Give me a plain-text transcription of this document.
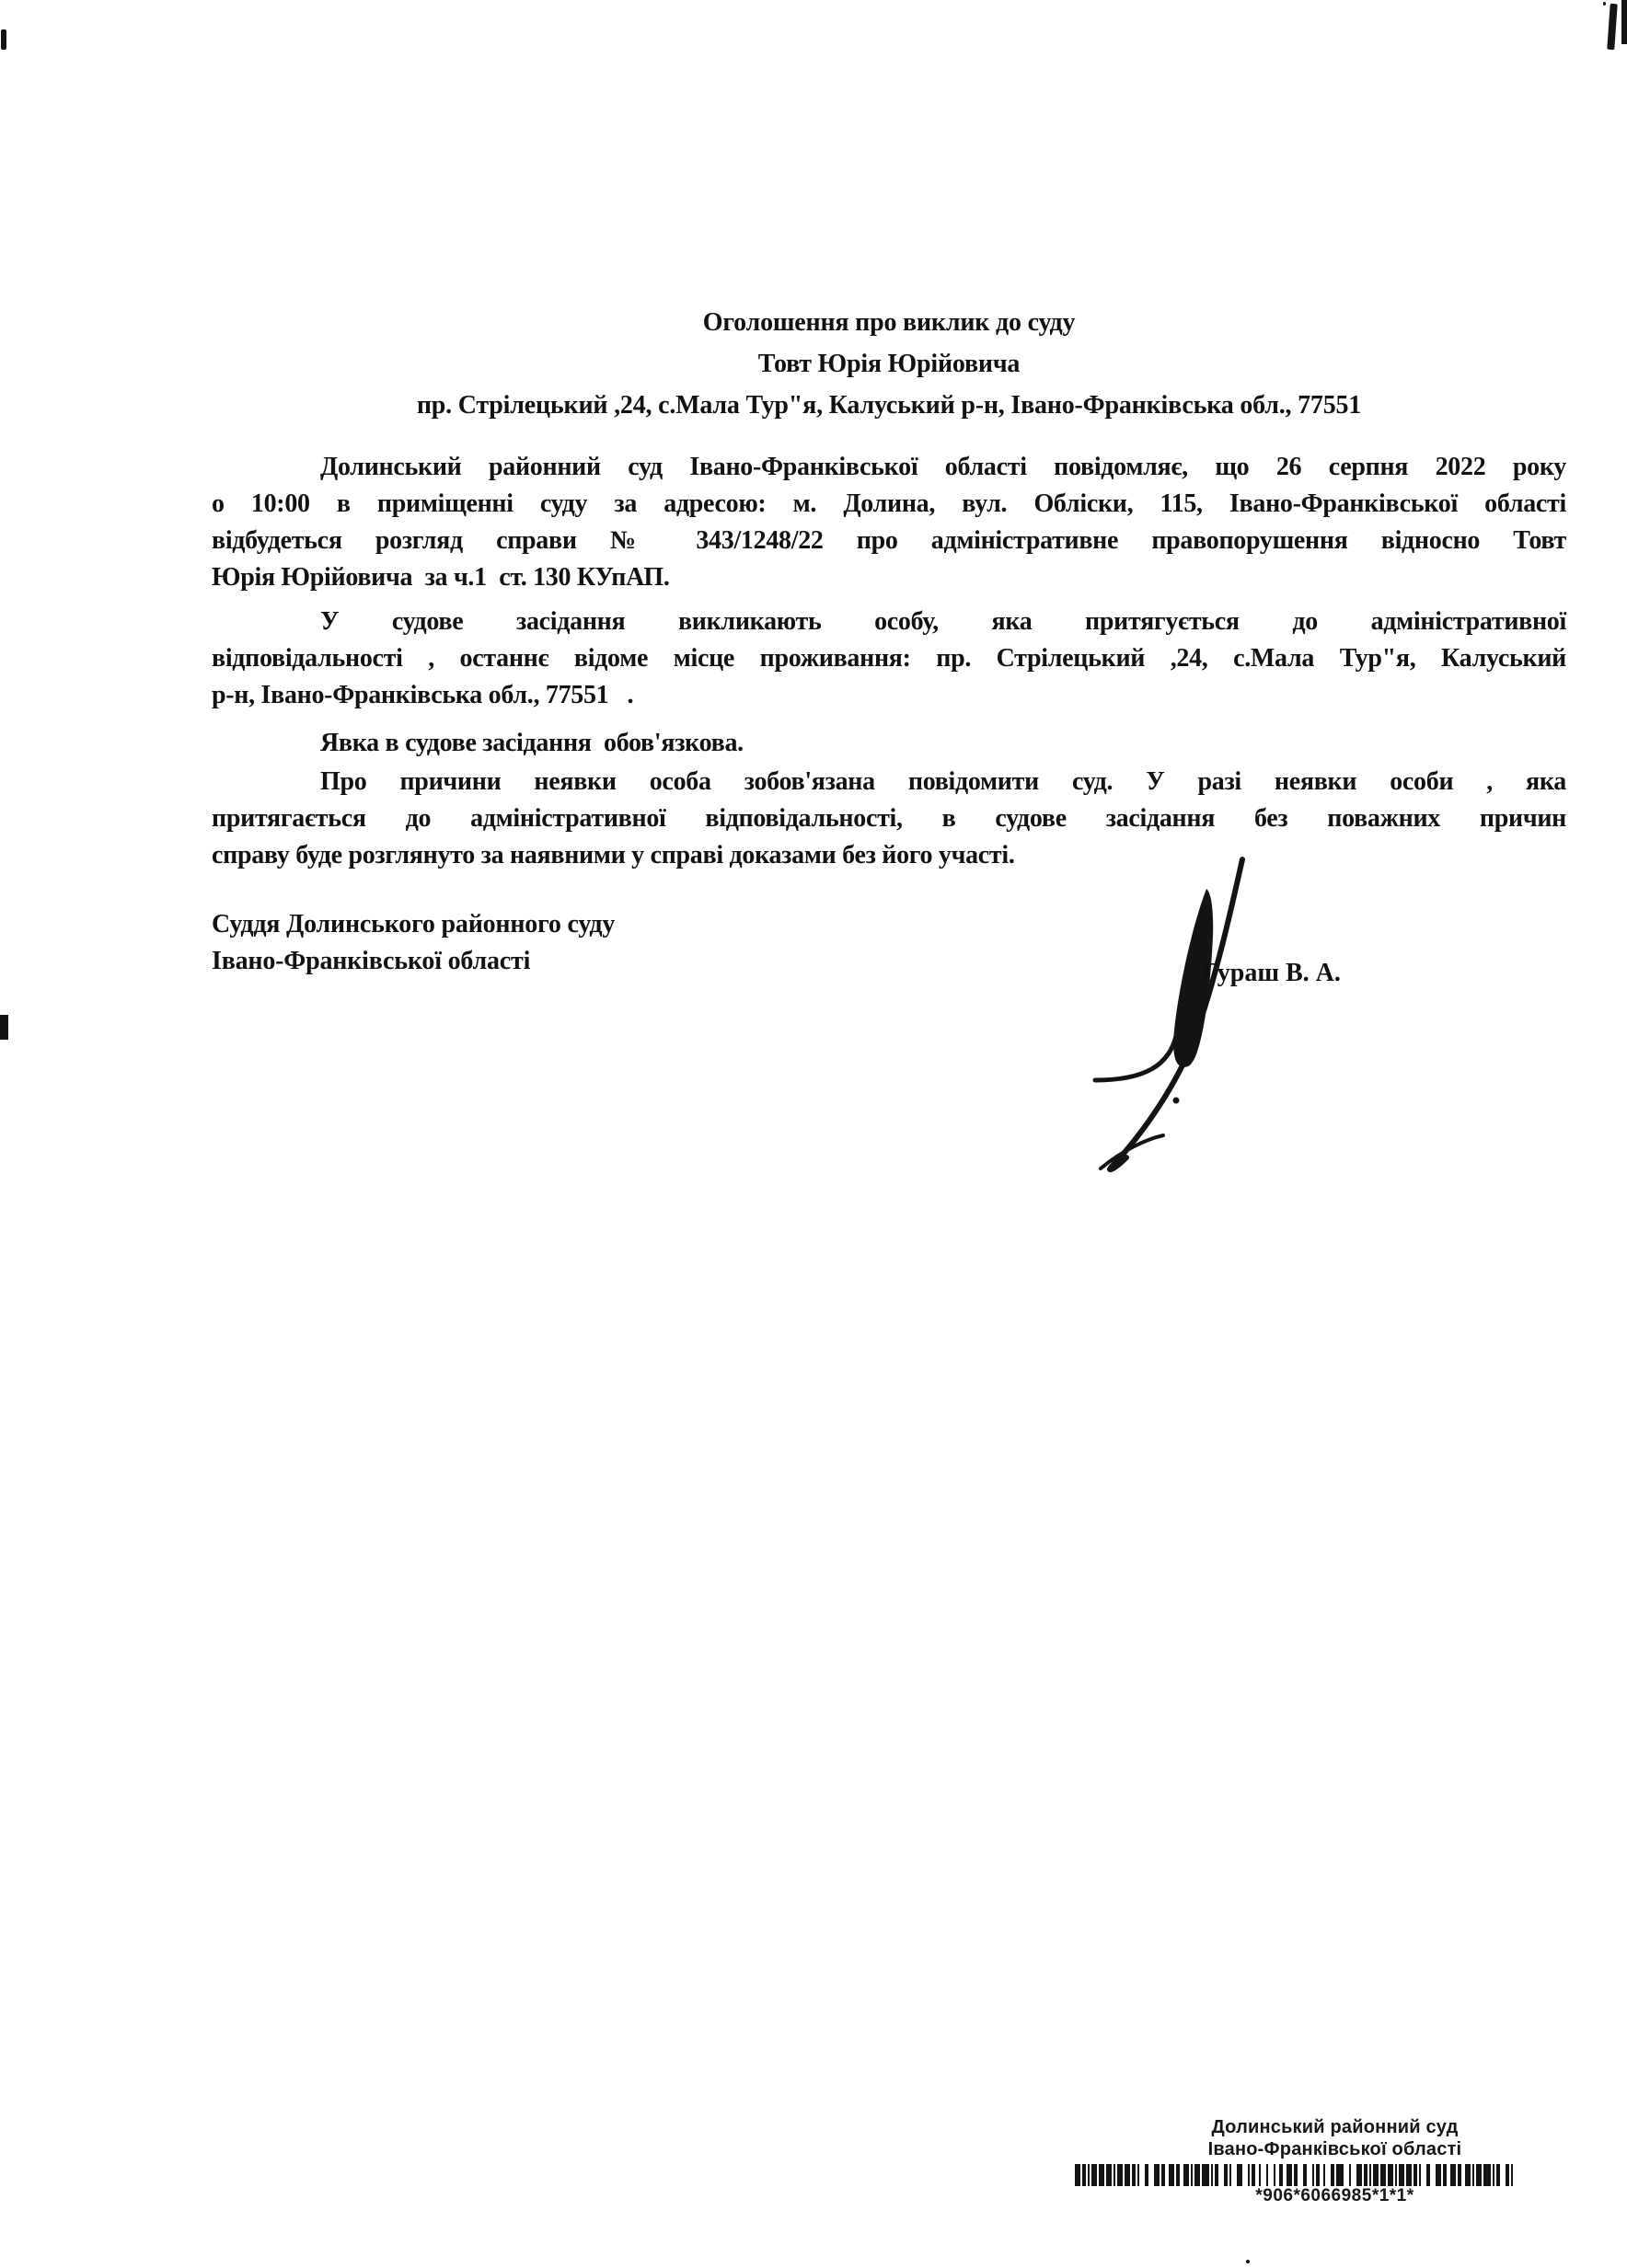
Оголошення про виклик до суду
Товт Юрія Юрійовича
пр. Стрілецький ,24, с.Мала Тур"я, Калуський р-н, Івано-Франківська обл., 77551
Долинський районний суд Івано-Франківської області повідомляє, що 26 серпня 2022 року
о 10:00 в приміщенні суду за адресою: м. Долина, вул. Обліски, 115, Івано-Франківської області
відбудеться розгляд справи № 343/1248/22 про адміністративне правопорушення відносно Товт
Юрія Юрійовича  за ч.1  ст. 130 КУпАП.
У судове засідання викликають особу, яка притягується до адміністративної
відповідальності , останнє відоме місце проживання: пр. Стрілецький ,24, с.Мала Тур"я, Калуський
р-н, Івано-Франківська обл., 77551   .
Явка в судове засідання  обов'язкова.
Про причини неявки особа зобов'язана повідомити суд. У разі неявки особи , яка
притягається до адміністративної відповідальності, в судове засідання без поважних причин
справу буде розглянуто за наявними у справі доказами без його участі.
Суддя Долинського районного суду
Івано-Франківської області	Гураш В. А.
Долинський районний суд
Івано-Франківської області
*906*6066985*1*1*
